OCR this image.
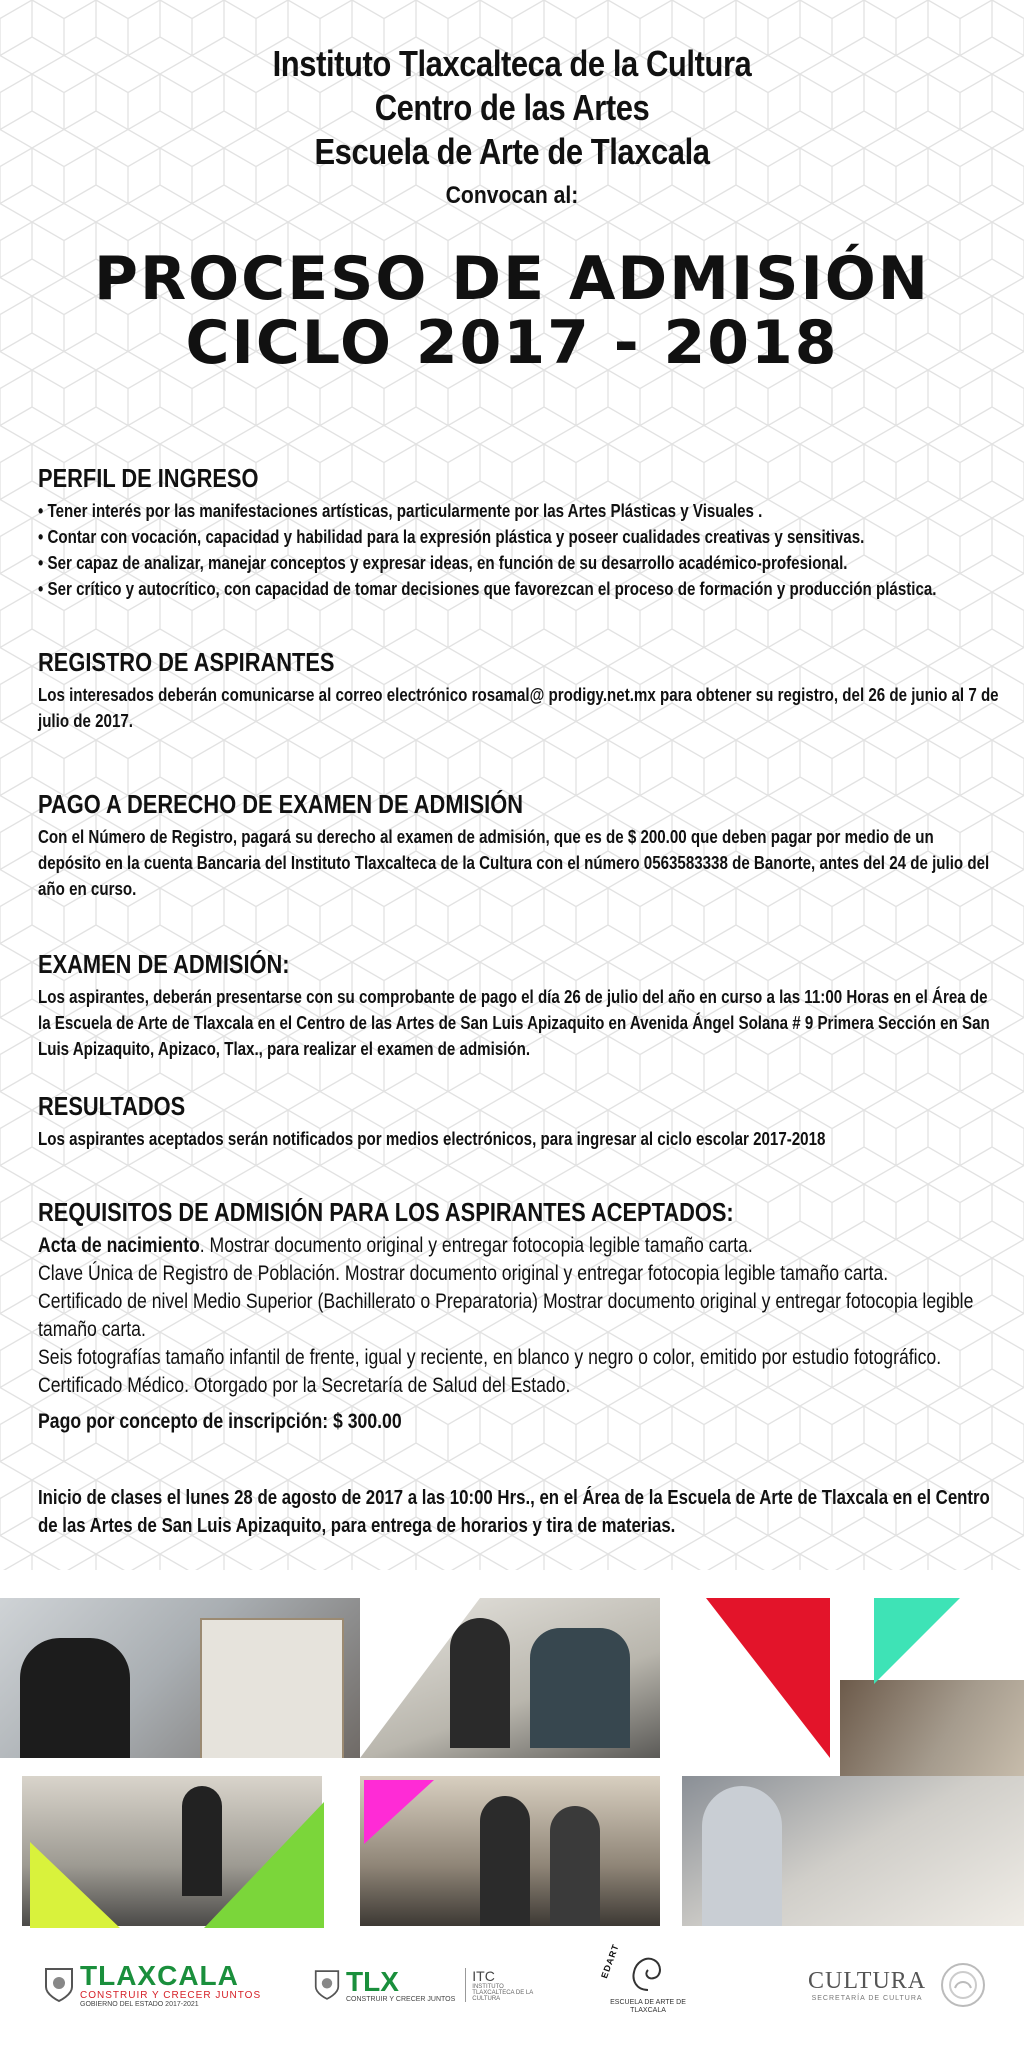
Instituto Tlaxcalteca de la Cultura
Centro de las Artes
Escuela de Arte de Tlaxcala
Convocan al:
PROCESO DE ADMISIÓN
CICLO 2017 - 2018
PERFIL DE INGRESO

• Tener interés por las manifestaciones artísticas, particularmente por las Artes Plásticas y Visuales .

• Contar con vocación, capacidad y habilidad para la expresión plástica y poseer cualidades creativas y sensitivas.

• Ser capaz de analizar, manejar conceptos y expresar ideas, en función de su desarrollo académico-profesional.

• Ser crítico y autocrítico, con capacidad de tomar decisiones que favorezcan el proceso de formación y producción plástica.

REGISTRO DE ASPIRANTES
Los interesados deberán comunicarse al correo electrónico rosamal@ prodigy.net.mx para obtener su registro, del 26 de junio al 7 de julio de 2017.
PAGO A DERECHO DE EXAMEN DE ADMISIÓN
Con el Número de Registro, pagará su derecho al examen de admisión, que es de $ 200.00 que deben pagar por medio de un depósito en la cuenta Bancaria del Instituto Tlaxcalteca de la Cultura con el número 0563583338 de Banorte, antes del 24 de julio del año en curso.
EXAMEN DE ADMISIÓN:
Los aspirantes, deberán presentarse con su comprobante de pago el día 26 de julio del año en curso a las 11:00 Horas en el Área de la Escuela de Arte de Tlaxcala en el Centro de las Artes de San Luis Apizaquito en Avenida Ángel Solana # 9 Primera Sección en San Luis Apizaquito, Apizaco, Tlax., para realizar el examen de admisión.
RESULTADOS
Los aspirantes aceptados serán notificados por medios electrónicos, para ingresar al ciclo escolar 2017-2018
REQUISITOS DE ADMISIÓN PARA LOS ASPIRANTES ACEPTADOS:
Acta de nacimiento. Mostrar documento original y entregar fotocopia legible tamaño carta.
Clave Única de Registro de Población. Mostrar documento original y entregar fotocopia legible tamaño carta.
Certificado de nivel Medio Superior (Bachillerato o Preparatoria) Mostrar documento original y entregar fotocopia legible tamaño carta.
Seis fotografías tamaño infantil de frente, igual y reciente, en blanco y negro o color, emitido por estudio fotográfico.
Certificado Médico. Otorgado por la Secretaría de Salud del Estado.
Pago por concepto de inscripción: $ 300.00
Inicio de clases el lunes 28 de agosto de 2017 a las 10:00 Hrs., en el Área de la Escuela de Arte de Tlaxcala en el Centro de las Artes de San Luis Apizaquito, para entrega de horarios y tira de materias.
TLAXCALA
CONSTRUIR Y CRECER JUNTOS
GOBIERNO DEL ESTADO 2017-2021
TLX
CONSTRUIR Y CRECER JUNTOS
ITC
INSTITUTO TLAXCALTECA DE LA CULTURA
EDART
ESCUELA DE ARTE DE TLAXCALA
CULTURA
SECRETARÍA DE CULTURA
